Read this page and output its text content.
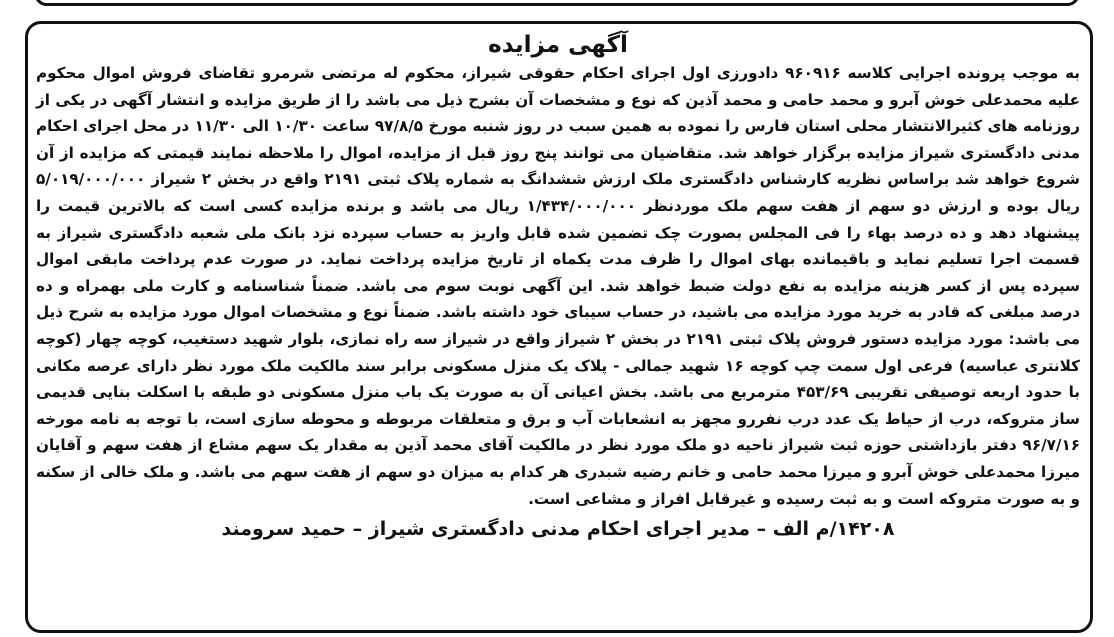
آگهی مزایده

به موجب پرونده اجرایی کلاسه ۹۶۰۹۱۶ دادورزی اول اجرای احکام حقوقی شیراز، محکوم له مرتضی شرمرو تقاضای فروش اموال محکوم علیه محمدعلی خوش آبرو و محمد حامی و محمد آذین که نوع و مشخصات آن بشرح ذیل می باشد را از طریق مزایده و انتشار آگهی در یکی از روزنامه های کثیرالانتشار محلی استان فارس را نموده به همین سبب در روز شنبه مورخ ۹۷/۸/۵ ساعت ۱۰/۳۰ الی ۱۱/۳۰ در محل اجرای احکام مدنی دادگستری شیراز مزایده برگزار خواهد شد. متقاضیان می توانند پنج روز قبل از مزایده، اموال را ملاحظه نمایند قیمتی که مزایده از آن شروع خواهد شد براساس نظریه کارشناس دادگستری ملک ارزش ششدانگ به شماره پلاک ثبتی ۲۱۹۱ واقع در بخش ۲ شیراز ۵/۰۱۹/۰۰۰/۰۰۰ ریال بوده و ارزش دو سهم از هفت سهم ملک موردنظر ۱/۴۳۴/۰۰۰/۰۰۰ ریال می باشد و برنده مزایده کسی است که بالاترین قیمت را پیشنهاد دهد و ده درصد بهاء را فی المجلس بصورت چک تضمین شده قابل واریز به حساب سپرده نزد بانک ملی شعبه دادگستری شیراز به قسمت اجرا تسلیم نماید و باقیمانده بهای اموال را ظرف مدت یکماه از تاریخ مزایده پرداخت نماید. در صورت عدم پرداخت مابقی اموال سپرده پس از کسر هزینه مزایده به نفع دولت ضبط خواهد شد. این آگهی نوبت سوم می باشد. ضمناً شناسنامه و کارت ملی بهمراه و ده درصد مبلغی که قادر به خرید مورد مزایده می باشید، در حساب سیبای خود داشته باشد. ضمناً نوع و مشخصات اموال مورد مزایده به شرح ذیل می باشد: مورد مزایده دستور فروش پلاک ثبتی ۲۱۹۱ در بخش ۲ شیراز واقع در شیراز سه راه نمازی، بلوار شهید دستغیب، کوچه چهار (کوچه کلانتری عباسیه) فرعی اول سمت چپ کوچه ۱۶ شهید جمالی - پلاک یک منزل مسکونی برابر سند مالکیت ملک مورد نظر دارای عرصه مکانی با حدود اربعه توصیفی تقریبی ۴۵۳/۶۹ مترمربع می باشد. بخش اعیانی آن به صورت یک باب منزل مسکونی دو طبقه با اسکلت بنایی قدیمی ساز متروکه، درب از حیاط یک عدد درب نفررو مجهز به انشعابات آب و برق و متعلقات مربوطه و محوطه سازی است، با توجه به نامه مورخه ۹۶/۷/۱۶ دفتر بازداشتی حوزه ثبت شیراز ناحیه دو ملک مورد نظر در مالکیت آقای محمد آذین به مقدار یک سهم مشاع از هفت سهم و آقایان میرزا محمدعلی خوش آبرو و میرزا محمد حامی و خانم رضیه شبدری هر کدام به میزان دو سهم از هفت سهم می باشد. و ملک خالی از سکنه و به صورت متروکه است و به ثبت رسیده و غیرقابل افراز و مشاعی است.

۱۴۲۰۸/م الف – مدیر اجرای احکام مدنی دادگستری شیراز – حمید سرومند
